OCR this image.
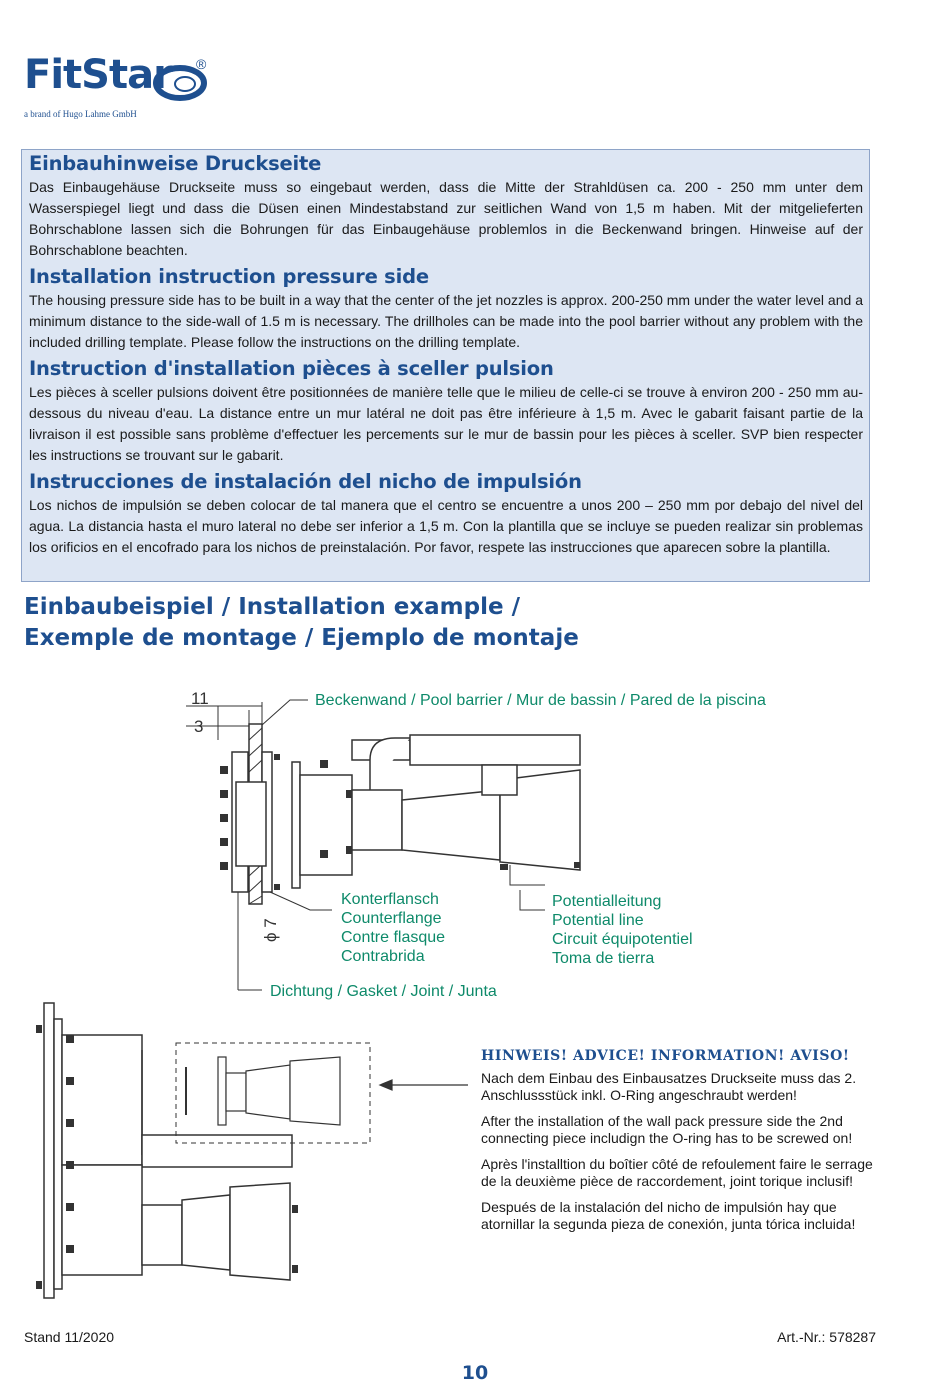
FitStar ®
a brand of Hugo Lahme GmbH
Einbauhinweise Druckseite

Das Einbaugehäuse Druckseite muss so eingebaut werden, dass die Mitte der Strahldüsen ca. 200 - 250 mm unter dem Wasserspiegel liegt und dass die Düsen einen Mindestabstand zur seitlichen Wand von 1,5 m haben. Mit der mitgelieferten Bohrschablone lassen sich die Bohrungen für das Einbaugehäuse problemlos in die Beckenwand bringen. Hinweise auf der Bohrschablone beachten.

Installation instruction pressure side

The housing pressure side has to be built in a way that the center of the jet nozzles is approx. 200-250 mm under the water level and a minimum distance to the side-wall of 1.5 m is necessary. The drillholes can be made into the pool barrier without any problem with the included drilling template. Please follow the instructions on the drilling template.

Instruction d'installation pièces à sceller pulsion

Les pièces à sceller pulsions doivent être positionnées de manière telle que le milieu de celle-ci se trouve à environ 200 - 250 mm au-dessous du niveau d'eau. La distance entre un mur latéral ne doit pas être inférieure à 1,5 m. Avec le gabarit faisant partie de la livraison il est possible sans problème d'effectuer les percements sur le mur de bassin pour les pièces à sceller. SVP bien respecter les instructions se trouvant sur le gabarit.

Instrucciones de instalación del nicho de impulsión

Los nichos de impulsión se deben colocar de tal manera que el centro se encuentre a unos 200 – 250 mm por debajo del nivel del agua. La distancia hasta el muro lateral no debe ser inferior a 1,5 m. Con la plantilla que se incluye se pueden realizar sin problemas los orificios en el encofrado para los nichos de preinstalación. Por favor, respete las instrucciones que aparecen sobre la plantilla.

Einbaubeispiel / Installation example /
Exemple de montage / Ejemplo de montaje
11
3
ϕ 7
Beckenwand / Pool barrier / Mur de bassin / Pared de la piscina
Konterflansch
Counterflange
Contre flasque
Contrabrida
Potentialleitung
Potential line
Circuit équipotentiel
Toma de tierra
Dichtung / Gasket / Joint / Junta
HINWEIS! ADVICE! INFORMATION! AVISO!

Nach dem Einbau des Einbausatzes Druckseite muss das 2. Anschlussstück inkl. O-Ring angeschraubt werden!

After the installation of the wall pack pressure side the 2nd connecting piece includign the O-ring has to be screwed on!

Après l'installtion du boîtier côté de refoulement faire le serrage de la deuxième pièce de raccordement, joint torique inclusif!

Después de la instalación del nicho de impulsión hay que atornillar la segunda pieza de conexión, junta tórica incluida!

Stand 11/2020	Art.-Nr.: 578287
10
